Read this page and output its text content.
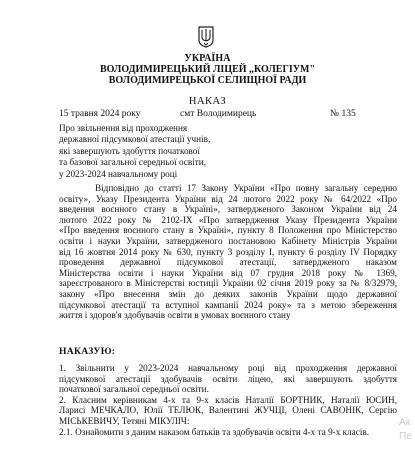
УКРАЇНА
ВОЛОДИМИРЕЦЬКИЙ ЛІЦЕЙ „КОЛЕГІУМ"
ВОЛОДИМИРЕЦЬКОЇ СЕЛИЩНОЇ РАДИ
НАКАЗ
15 травня 2024 року	смт Володимирець	№ 135
Про звільнення від проходження
державної підсумкової атестації учнів,
які завершують здобуття початкової
та базової загальної середньої освіти,
у 2023-2024 навчальному році
Відповідно до статті 17 Закону України «Про повну загальну середню
освіту», Указу Президента України від 24 лютого 2022 року № 64/2022 «Про
введення воєнного стану в Україні», затвердженого Законом України від 24
лютого 2022 року № 2102-IX «Про затвердження Указу Президента України
«Про введення воєнного стану в Україні», пункту 8 Положення про Міністерство
освіти і науки України, затвердженого постановою Кабінету Міністрів України
від 16 жовтня 2014 року № 630, пункту 3 розділу I, пункту 6 розділу IV Порядку
проведення державної підсумкової атестації, затвердженого наказом
Міністерства освіти і науки України від 07 грудня 2018 року № 1369,
зареєстрованого в Міністерстві юстиції України 02 січня 2019 року за № 8/32979,
закону «Про внесення змін до деяких законів України щодо державної
підсумкової атестації та вступної кампанії 2024 року» та з метою збереження
життя і здоров'я здобувачів освіти в умовах воєнного стану
НАКАЗУЮ:
1. Звільнити у 2023-2024 навчальному році від проходження державної
підсумкової атестації здобувачів освіти ліцею, які завершують здобуття
початкової загальної середньої освіти.
2. Класним керівникам 4-х та 9-х класів Наталії БОРТНИК, Наталії ЮСИН,
Ларисі МЕЧКАЛО, Юлії ТЕЛЮК, Валентині ЖУЧЦІ, Олені САВОНІК, Сергію
МІСЬКЕВИЧУ, Тетяні МІКУЛІЧ:
2.1. Ознайомити з даним наказом батьків та здобувачів освіти 4-х та 9-х класів.
Ак
Пе
